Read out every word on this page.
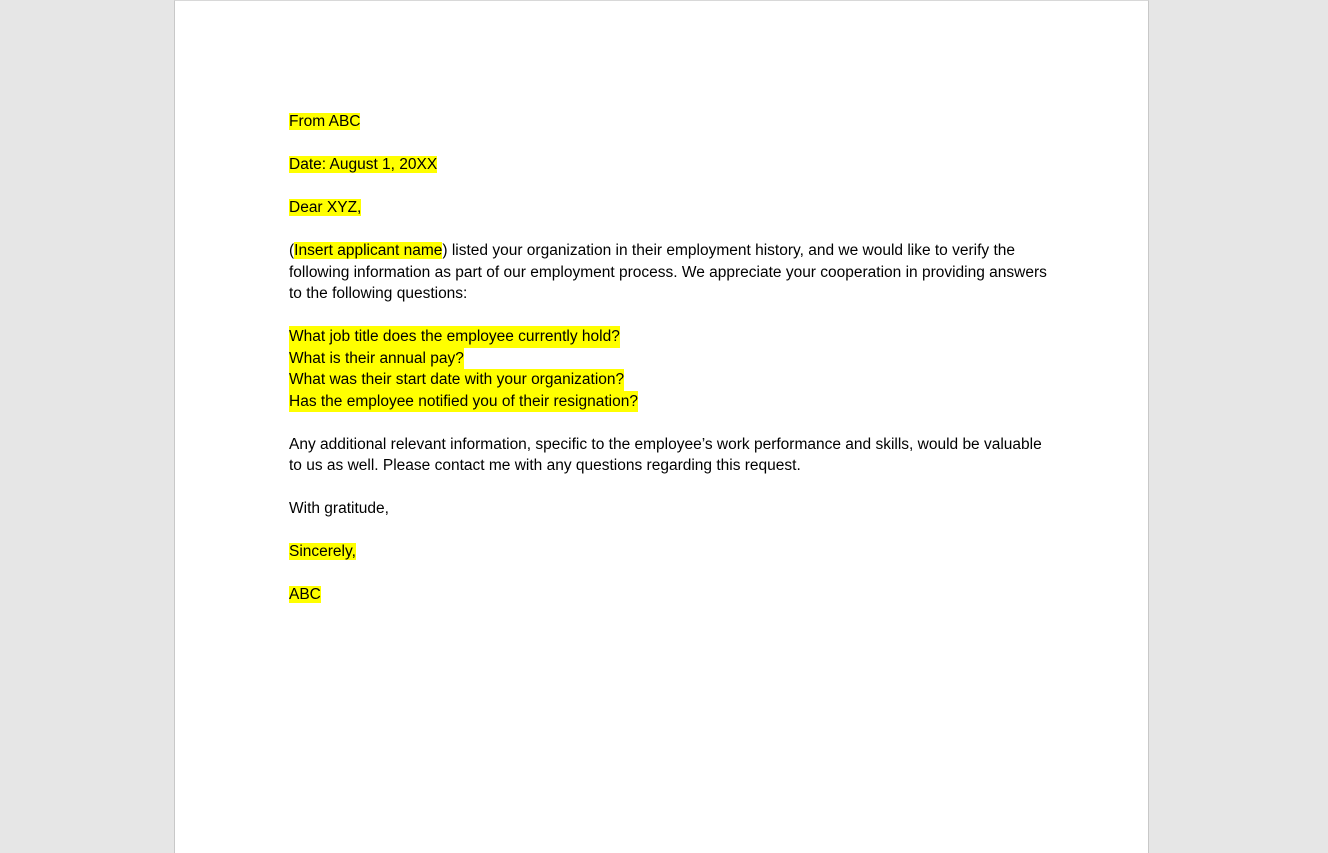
From ABC

Date: August 1, 20XX

Dear XYZ,

(Insert applicant name) listed your organization in their employment history, and we would like to verify the following information as part of our employment process. We appreciate your cooperation in providing answers to the following questions:

What job title does the employee currently hold?
What is their annual pay?
What was their start date with your organization?
Has the employee notified you of their resignation?

Any additional relevant information, specific to the employee’s work performance and skills, would be valuable to us as well. Please contact me with any questions regarding this request.

With gratitude,

Sincerely,

ABC
